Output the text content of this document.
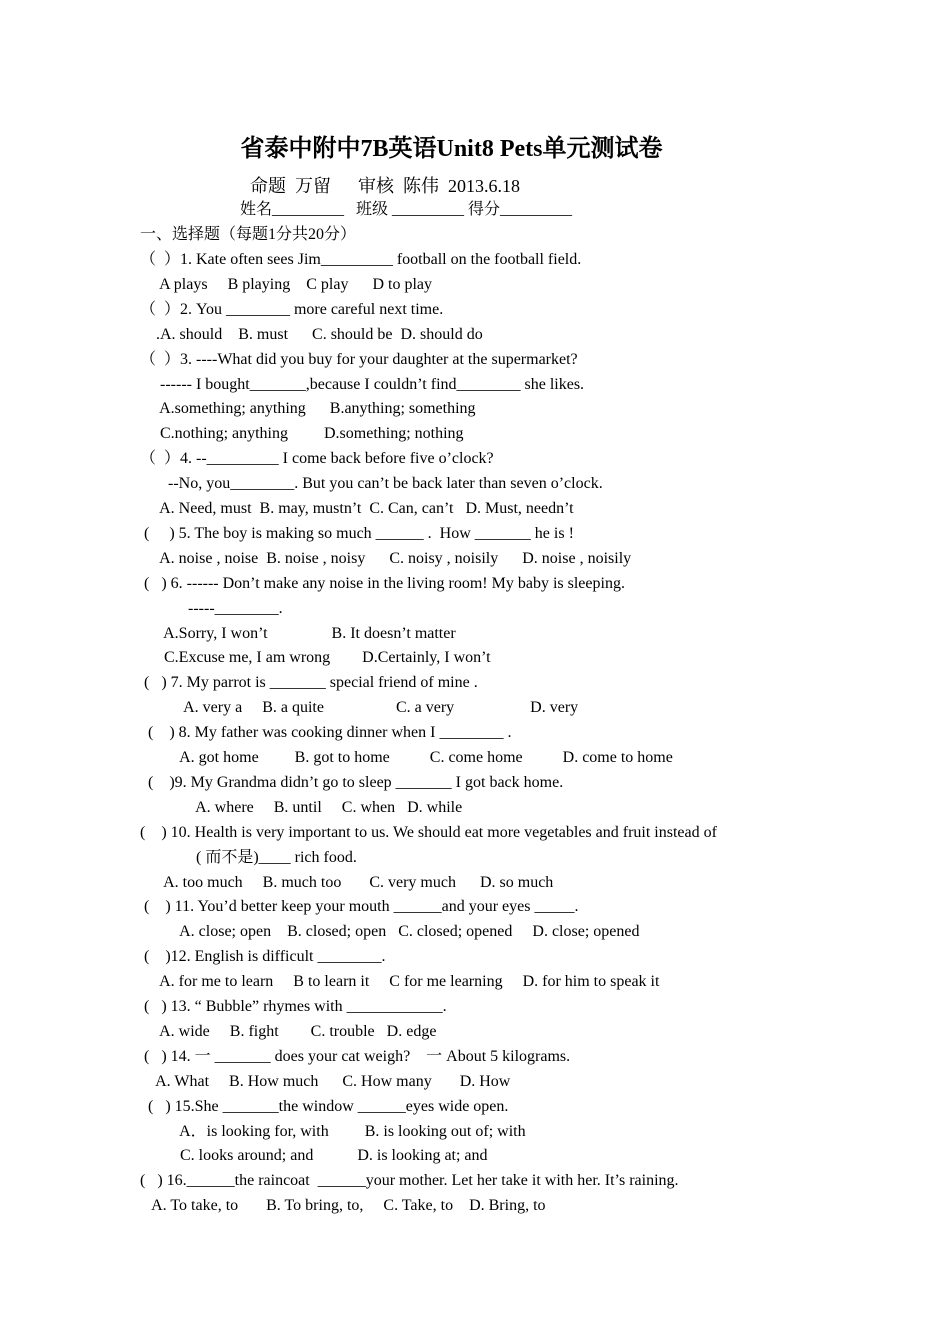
省泰中附中7B英语Unit8 Pets单元测试卷
命题  万留      审核  陈伟  2013.6.18
姓名_________   班级 _________ 得分_________
一、选择题（每题1分共20分）
（  ）1. Kate often sees Jim_________ football on the football field.
A plays     B playing    C play      D to play
（  ）2. You ________ more careful next time.
.A. should    B. must      C. should be  D. should do
（  ）3. ----What did you buy for your daughter at the supermarket?
------ I bought_______,because I couldn’t find________ she likes.
A.something; anything      B.anything; something
C.nothing; anything         D.something; nothing
（  ）4. --_________ I come back before five o’clock?
--No, you________. But you can’t be back later than seven o’clock.
A. Need, must  B. may, mustn’t  C. Can, can’t   D. Must, needn’t
(     ) 5. The boy is making so much ______ .  How _______ he is !
A. noise , noise  B. noise , noisy      C. noisy , noisily      D. noise , noisily
(   ) 6. ------ Don’t make any noise in the living room! My baby is sleeping.
-----________.
A.Sorry, I won’t                B. It doesn’t matter
C.Excuse me, I am wrong        D.Certainly, I won’t
(   ) 7. My parrot is _______ special friend of mine .
A. very a     B. a quite                  C. a very                   D. very
(    ) 8. My father was cooking dinner when I ________ .
A. got home         B. got to home          C. come home          D. come to home
(    )9. My Grandma didn’t go to sleep _______ I got back home.
A. where     B. until     C. when   D. while
(    ) 10. Health is very important to us. We should eat more vegetables and fruit instead of
( 而不是)____ rich food.
A. too much     B. much too       C. very much      D. so much
(    ) 11. You’d better keep your mouth ______and your eyes _____.
A. close; open    B. closed; open   C. closed; opened     D. close; opened
(    )12. English is difficult ________.
A. for me to learn     B to learn it     C for me learning     D. for him to speak it
(   ) 13. “ Bubble” rhymes with ____________.
A. wide     B. fight        C. trouble   D. edge
(   ) 14. 一 _______ does your cat weigh?    一 About 5 kilograms.
A. What     B. How much      C. How many       D. How
(   ) 15.She _______the window ______eyes wide open.
A．is looking for, with         B. is looking out of; with
C. looks around; and           D. is looking at; and
(   ) 16.______the raincoat  ______your mother. Let her take it with her. It’s raining.
A. To take, to       B. To bring, to,     C. Take, to    D. Bring, to
